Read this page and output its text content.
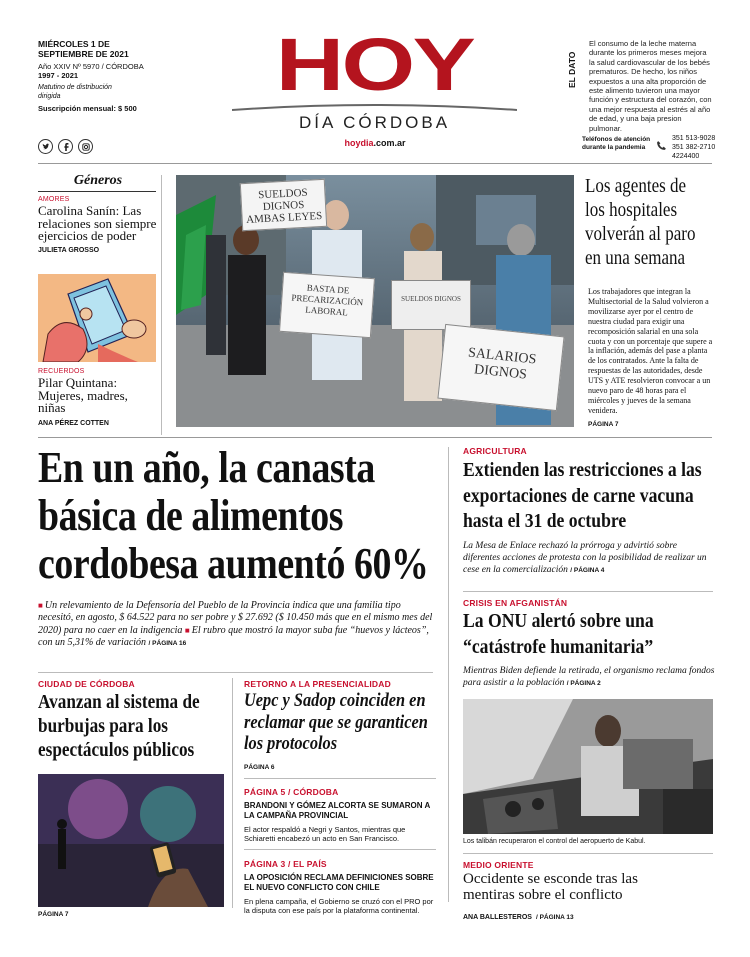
MIÉRCOLES 1 DE SEPTIEMBRE DE 2021
Año XXIV Nº 5970 / CÓRDOBA
1997 - 2021
Matutino de distribución dirigida
Suscripción mensual: $ 500
HOY
DÍA CÓRDOBA
hoydia.com.ar
EL DATO
El consumo de la leche materna durante los primeros meses mejora la salud cardiovascular de los bebés prematuros. De hecho, los niños expuestos a una alta proporción de este alimento tuvieron una mayor función y estructura del corazón, con una mejor respuesta al estrés al año de edad, y una baja presion pulmonar.
Teléfonos de atención durante la pandemia
351 513-9028
351 382-2710
4224400
Géneros
AMORES
Carolina Sanín: Las relaciones son siempre ejercicios de poder
JULIETA GROSSO
RECUERDOS
Pilar Quintana: Mujeres, madres, niñas
ANA PÉREZ COTTEN
SUELDOS DIGNOS
AMBAS LEYES
BASTA DE PRECARIZACIÓN LABORAL
SUELDOS DIGNOS
SALARIOS DIGNOS
Los agentes de los hospitales volverán al paro en una semana
Los trabajadores que integran la Multisectorial de la Salud volvieron a movilizarse ayer por el centro de nuestra ciudad para exigir una recomposición salarial en una sola cuota y con un porcentaje que supere a la inflación, además del pase a planta de los contratados. Ante la falta de respuestas de las autoridades, desde UTS y ATE resolvieron convocar a un nuevo paro de 48 horas para el miércoles y jueves de la semana venidera.
PÁGINA 7
En un año, la canasta básica de alimentos cordobesa aumentó 60%
■ Un relevamiento de la Defensoría del Pueblo de la Provincia indica que una familia tipo necesitó, en agosto, $ 64.522 para no ser pobre y $ 27.692 ($ 10.450 más que en el mismo mes del 2020) para no caer en la indigencia ■ El rubro que mostró la mayor suba fue “huevos y lácteos”, con un 5,31% de variación / PÁGINA 16
AGRICULTURA
Extienden las restricciones a las exportaciones de carne vacuna hasta el 31 de octubre
La Mesa de Enlace rechazó la prórroga y advirtió sobre diferentes acciones de protesta con la posibilidad de realizar un cese en la comercialización / PÁGINA 4
CRISIS EN AFGANISTÁN
La ONU alertó sobre una “catástrofe humanitaria”
Mientras Biden defiende la retirada, el organismo reclama fondos para asistir a la población / PÁGINA 2
Los talibán recuperaron el control del aeropuerto de Kabul.
MEDIO ORIENTE
Occidente se esconde tras las mentiras sobre el conflicto
ANA BALLESTEROS / PÁGINA 13
CIUDAD DE CÓRDOBA
Avanzan al sistema de burbujas para los espectáculos públicos
PÁGINA 7
RETORNO A LA PRESENCIALIDAD
Uepc y Sadop coinciden en reclamar que se garanticen los protocolos
PÁGINA 6
PÁGINA 5 / CÓRDOBA
BRANDONI Y GÓMEZ ALCORTA SE SUMARON A LA CAMPAÑA PROVINCIAL
El actor respaldó a Negri y Santos, mientras que Schiaretti encabezó un acto en San Francisco.
PÁGINA 3 / EL PAÍS
LA OPOSICIÓN RECLAMA DEFINICIONES SOBRE EL NUEVO CONFLICTO CON CHILE
En plena campaña, el Gobierno se cruzó con el PRO por la disputa con ese país por la plataforma continental.
